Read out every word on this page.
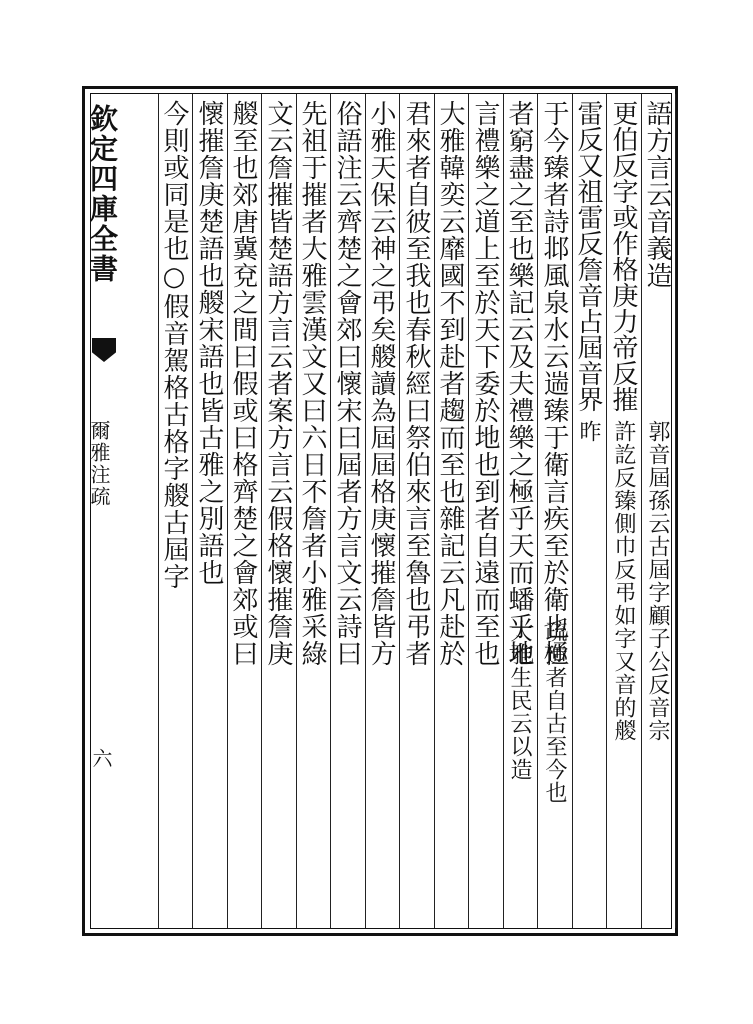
欽定四庫全書
爾雅注疏
六
語方言云音義造
更伯反字或作格庚力帝反摧
雷反又祖雷反詹音占屆音界
于今臻者詩邶風泉水云遄臻于衛言疾至於衛也極
者窮盡之至也樂記云及夫禮樂之極乎天而蟠乎地
言禮樂之道上至於天下委於地也到者自遠而至也
大雅韓奕云靡國不到赴者趨而至也雜記云凡赴於
君來者自彼至我也春秋經曰祭伯來言至魯也弔者
小雅天保云神之弔矣艐讀為屆屆格庚懷摧詹皆方
俗語注云齊楚之會郊曰懷宋曰屆者方言文云詩曰
先祖于摧者大雅雲漢文又曰六日不詹者小雅采綠
文云詹摧皆楚語方言云者案方言云假格懷摧詹庚
艐至也郊唐冀兗之間曰假或曰格齊楚之會郊或曰
懷摧詹庚楚語也艐宋語也皆古雅之別語也
今則或同是也○假音駕格古格字艐古屆字	郭音屆孫云古屆字顧子公反音宗
許訖反臻側巾反弔如字又音的艐
昨
疏造者自古至今也
大雅生民云以造
